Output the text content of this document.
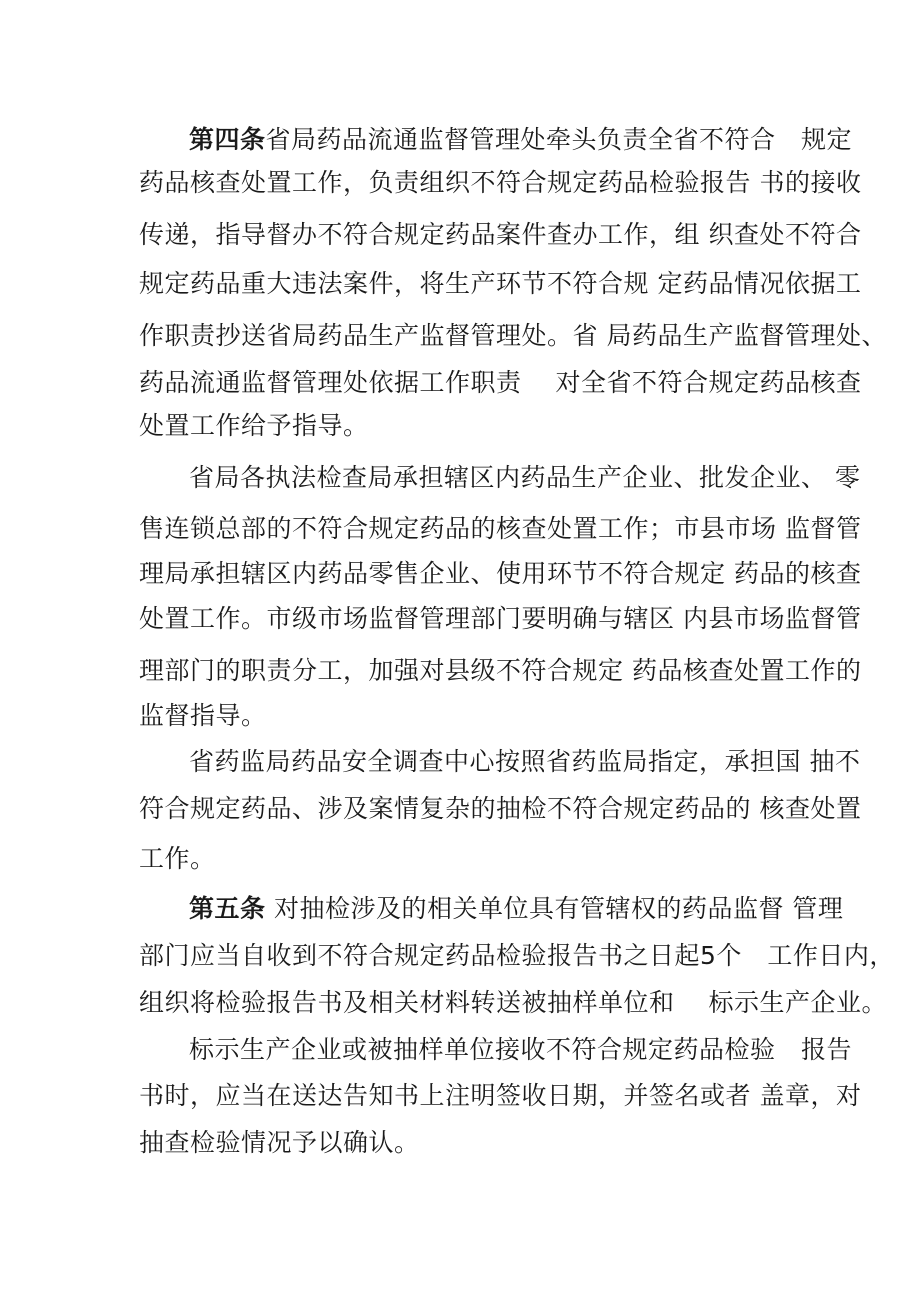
第四条省局药品流通监督管理处牵头负责全省不符合　规定
药品核查处置工作，负责组织不符合规定药品检验报告 书的接收
传递，指导督办不符合规定药品案件查办工作，组 织查处不符合
规定药品重大违法案件，将生产环节不符合规 定药品情况依据工
作职责抄送省局药品生产监督管理处。省 局药品生产监督管理处、
药品流通监督管理处依据工作职责　 对全省不符合规定药品核查
处置工作给予指导。
省局各执法检查局承担辖区内药品生产企业、批发企业、 零
售连锁总部的不符合规定药品的核查处置工作；市县市场 监督管
理局承担辖区内药品零售企业、使用环节不符合规定 药品的核查
处置工作。市级市场监督管理部门要明确与辖区 内县市场监督管
理部门的职责分工，加强对县级不符合规定 药品核查处置工作的
监督指导。
省药监局药品安全调查中心按照省药监局指定，承担国 抽不
符合规定药品、涉及案情复杂的抽检不符合规定药品的 核查处置
工作。
第五条 对抽检涉及的相关单位具有管辖权的药品监督 管理
部门应当自收到不符合规定药品检验报告书之日起5个　工作日内，
组织将检验报告书及相关材料转送被抽样单位和　 标示生产企业。
标示生产企业或被抽样单位接收不符合规定药品检验　报告
书时，应当在送达告知书上注明签收日期，并签名或者 盖章，对
抽查检验情况予以确认。
